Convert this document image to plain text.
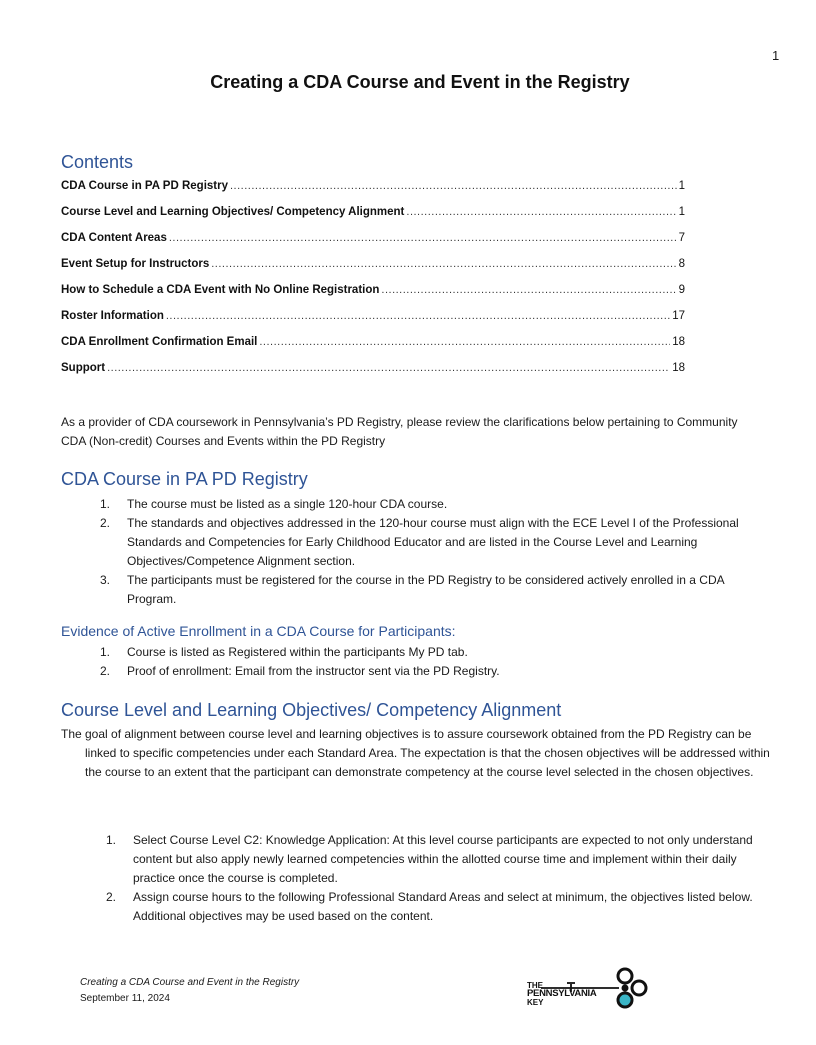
1
Creating a CDA Course and Event in the Registry
Contents
CDA Course in PA PD Registry .....	1
Course Level and Learning Objectives/ Competency Alignment .....	1
CDA Content Areas .....	7
Event Setup for Instructors .....	8
How to Schedule a CDA Event with No Online Registration .....	9
Roster Information .....	17
CDA Enrollment Confirmation Email .....	18
Support .....	18

As a provider of CDA coursework in Pennsylvania’s PD Registry, please review the clarifications below pertaining to Community CDA (Non-credit) Courses and Events within the PD Registry

CDA Course in PA PD Registry
1. The course must be listed as a single 120-hour CDA course.
2. The standards and objectives addressed in the 120-hour course must align with the ECE Level I of the Professional Standards and Competencies for Early Childhood Educator and are listed in the Course Level and Learning Objectives/Competence Alignment section.
3. The participants must be registered for the course in the PD Registry to be considered actively enrolled in a CDA Program.
Evidence of Active Enrollment in a CDA Course for Participants:
1. Course is listed as Registered within the participants My PD tab.
2. Proof of enrollment: Email from the instructor sent via the PD Registry.
Course Level and Learning Objectives/ Competency Alignment

The goal of alignment between course level and learning objectives is to assure coursework obtained from the PD Registry can be linked to specific competencies under each Standard Area. The expectation is that the chosen objectives will be addressed within the course to an extent that the participant can demonstrate competency at the course level selected in the chosen objectives.

1. Select Course Level C2: Knowledge Application: At this level course participants are expected to not only understand content but also apply newly learned competencies within the allotted course time and implement within their daily practice once the course is completed.
2. Assign course hours to the following Professional Standard Areas and select at minimum, the objectives listed below. Additional objectives may be used based on the content.
Creating a CDA Course and Event in the Registry
September 11, 2024
THE
PENNSYLVANIA
KEY
